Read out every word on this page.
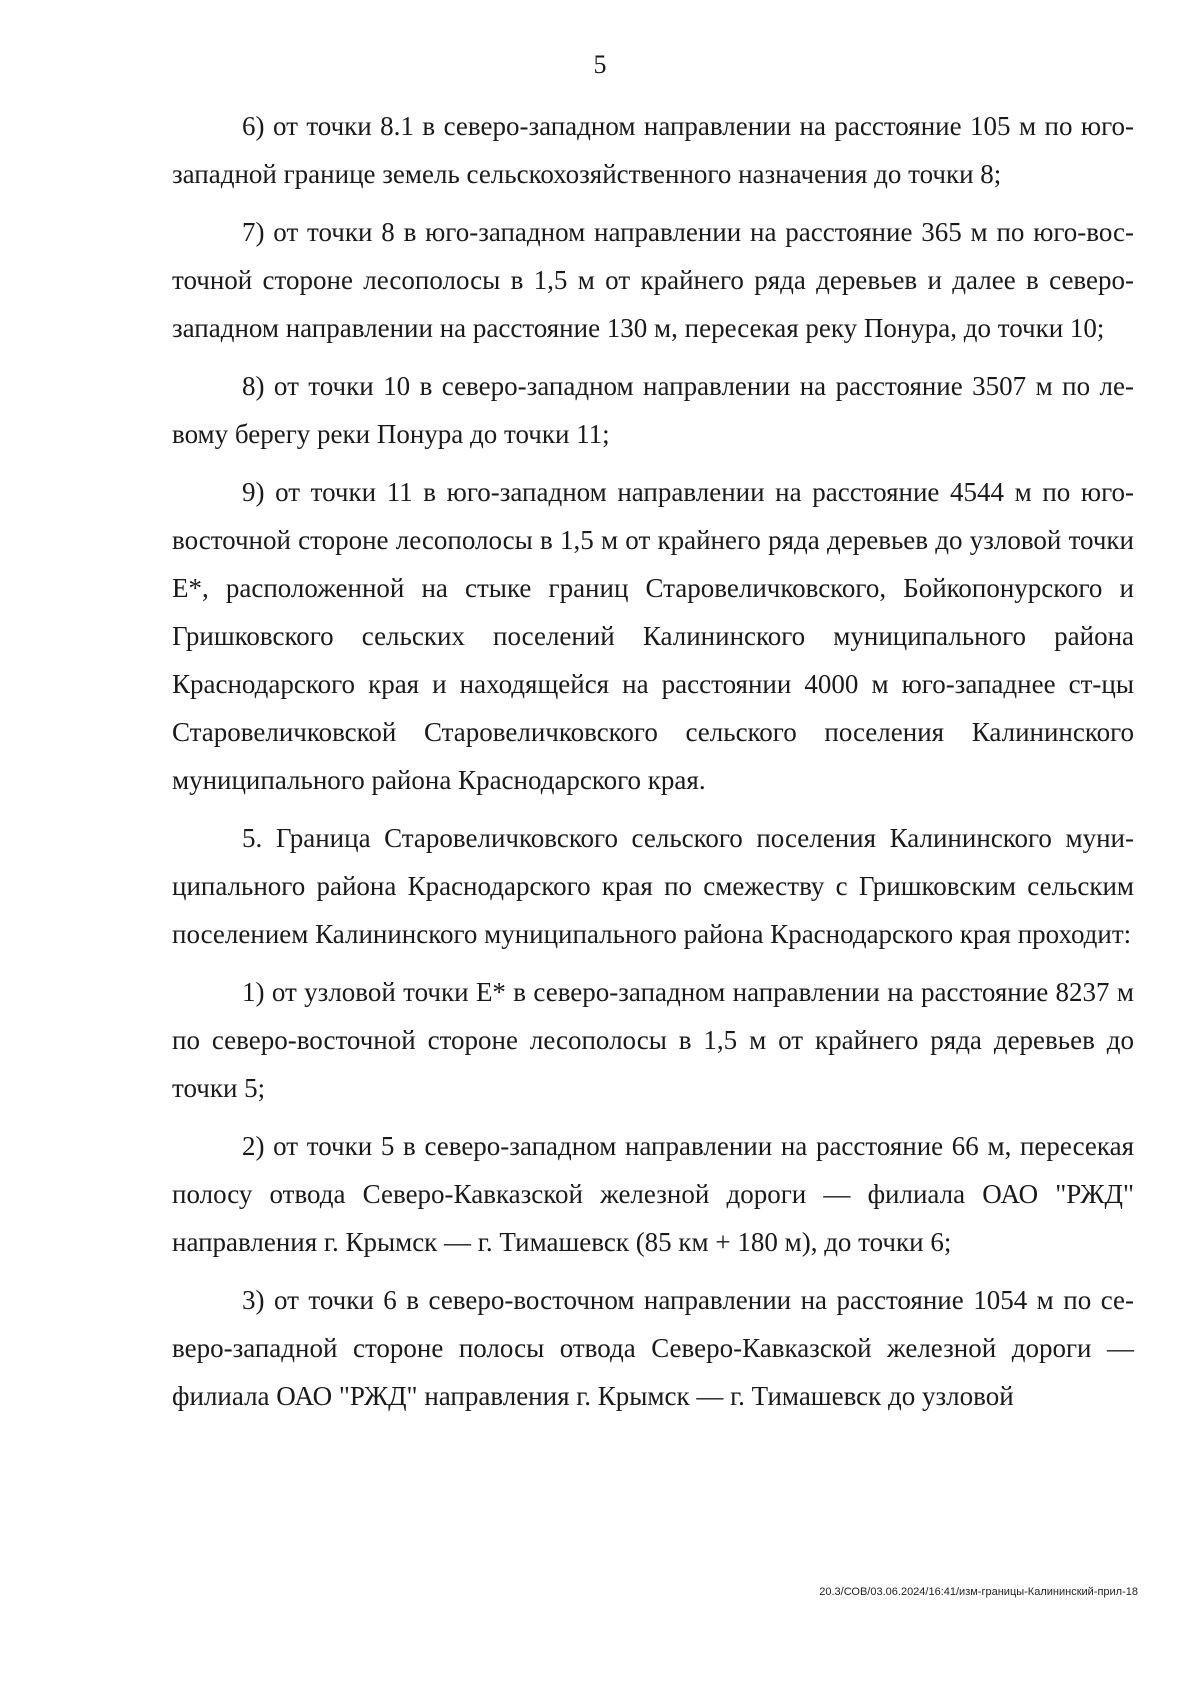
5

6) от точки 8.1 в северо-западном направлении на расстояние 105 м по юго-западной границе земель сельскохозяйственного назначения до точки 8;

7) от точки 8 в юго-западном направлении на расстояние 365 м по юго-восточной стороне лесополосы в 1,5 м от крайнего ряда деревьев и далее в северо-западном направлении на расстояние 130 м, пересекая реку Понура, до точки 10;

8) от точки 10 в северо-западном направлении на расстояние 3507 м по левому берегу реки Понура до точки 11;

9) от точки 11 в юго-западном направлении на расстояние 4544 м по юго-восточной стороне лесополосы в 1,5 м от крайнего ряда деревьев до узловой точки Е*, расположенной на стыке границ Старовеличковского, Бойкопонурского и Гришковского сельских поселений Калининского муниципального района Краснодарского края и находящейся на расстоянии 4000 м юго-западнее ст-цы Старовеличковской Старовеличковского сельского поселения Калининского муниципального района Краснодарского края.

5. Граница Старовеличковского сельского поселения Калининского муниципального района Краснодарского края по смежеству с Гришковским сельским поселением Калининского муниципального района Краснодарского края проходит:

1) от узловой точки Е* в северо-западном направлении на расстояние 8237 м по северо-восточной стороне лесополосы в 1,5 м от крайнего ряда деревьев до точки 5;

2) от точки 5 в северо-западном направлении на расстояние 66 м, пересекая полосу отвода Северо-Кавказской железной дороги — филиала ОАО "РЖД" направления г. Крымск — г. Тимашевск (85 км + 180 м), до точки 6;

3) от точки 6 в северо-восточном направлении на расстояние 1054 м по северо-западной стороне полосы отвода Северо-Кавказской железной дороги — филиала ОАО "РЖД" направления г. Крымск — г. Тимашевск до узловой

20.3/СОВ/03.06.2024/16:41/изм-границы-Калининский-прил-18
